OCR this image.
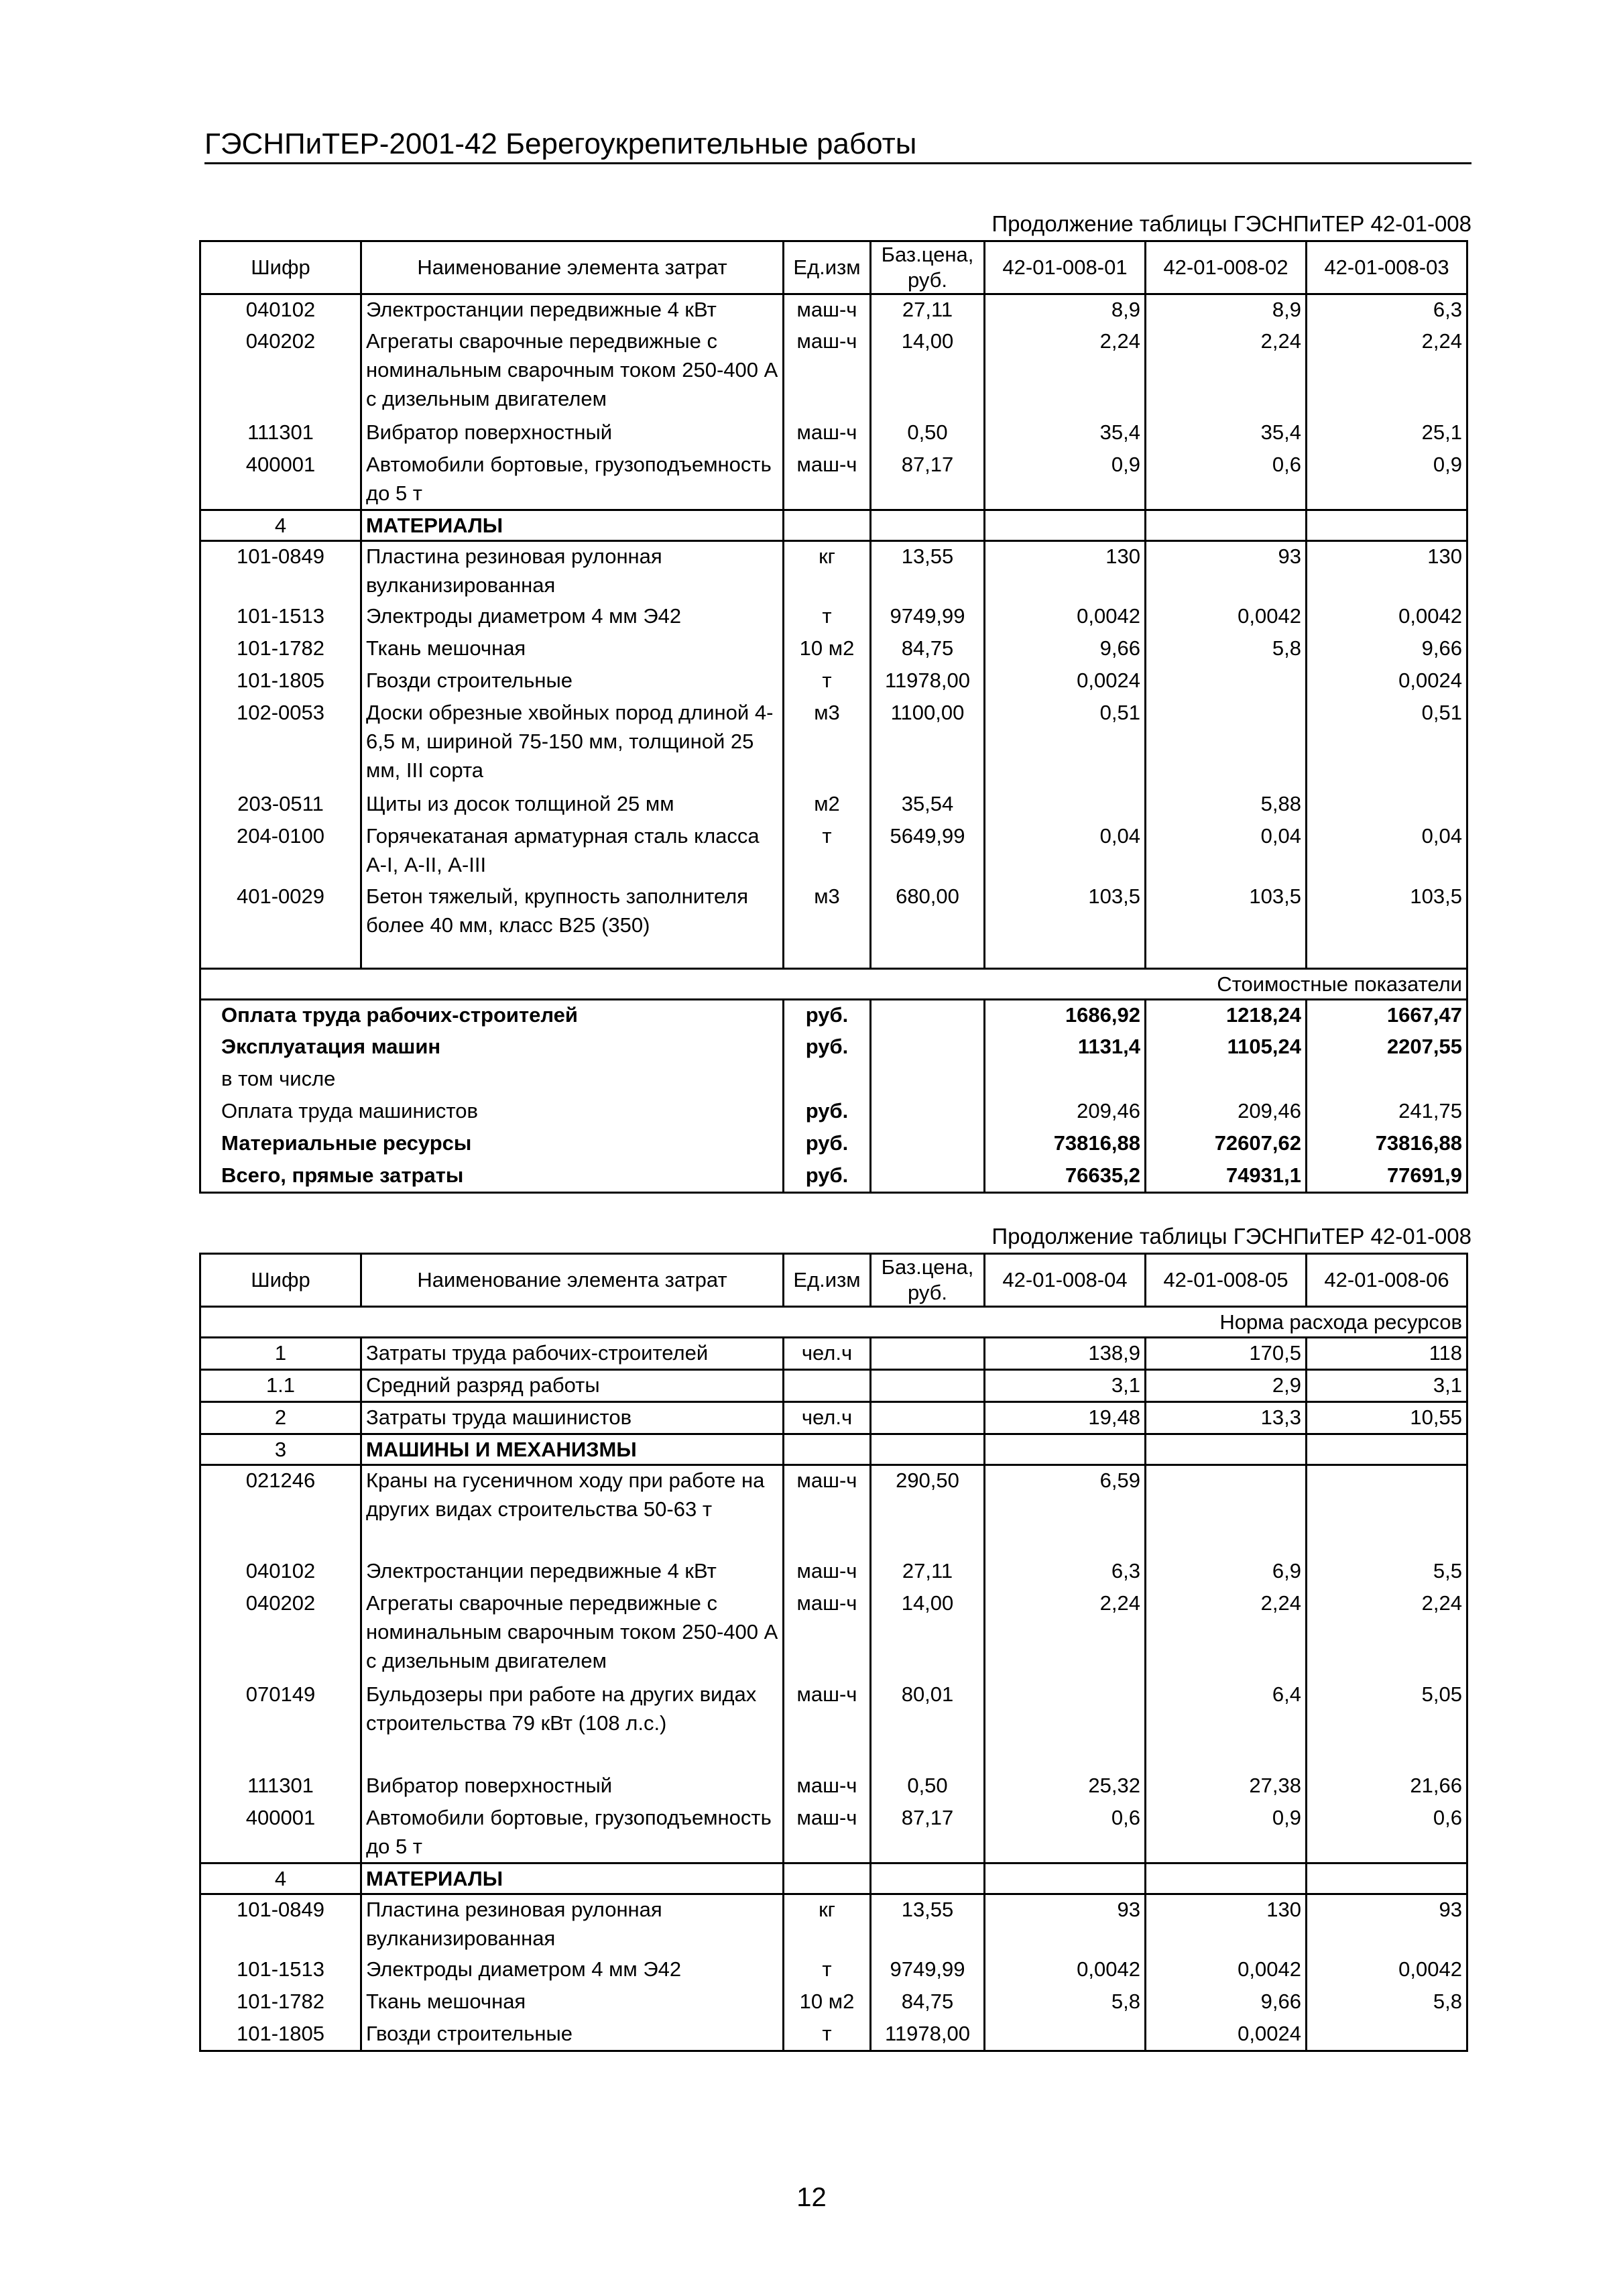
ГЭСНПиТЕР-2001-42 Берегоукрепительные работы
Продолжение таблицы ГЭСНПиТЕР 42-01-008
Шифр	Наименование элемента затрат	Ед.изм	Баз.цена, руб.	42-01-008-01	42-01-008-02	42-01-008-03
040102	Электростанции передвижные 4 кВт	маш-ч	27,11	8,9	8,9	6,3
040202	Агрегаты сварочные передвижные с номинальным сварочным током 250-400 А с дизельным двигателем	маш-ч	14,00	2,24	2,24	2,24
111301	Вибратор поверхностный	маш-ч	0,50	35,4	35,4	25,1
400001	Автомобили бортовые, грузоподъемность до 5 т	маш-ч	87,17	0,9	0,6	0,9
4	МАТЕРИАЛЫ					
101-0849	Пластина резиновая рулонная вулканизированная	кг	13,55	130	93	130
101-1513	Электроды диаметром 4 мм Э42	т	9749,99	0,0042	0,0042	0,0042
101-1782	Ткань мешочная	10 м2	84,75	9,66	5,8	9,66
101-1805	Гвозди строительные	т	11978,00	0,0024		0,0024
102-0053	Доски обрезные хвойных пород длиной 4-6,5 м, шириной 75-150 мм, толщиной 25 мм, III сорта	м3	1100,00	0,51		0,51
203-0511	Щиты из досок толщиной 25 мм	м2	35,54		5,88	
204-0100	Горячекатаная арматурная сталь класса А-I, А-II, А-III	т	5649,99	0,04	0,04	0,04
401-0029	Бетон тяжелый, крупность заполнителя более 40 мм, класс В25 (350)	м3	680,00	103,5	103,5	103,5

	Стоимостные показатели					
Оплата труда рабочих-строителей		руб.		1686,92	1218,24	1667,47
Эксплуатация машин		руб.		1131,4	1105,24	2207,55
в том числе						
Оплата труда машинистов		руб.		209,46	209,46	241,75
Материальные ресурсы		руб.		73816,88	72607,62	73816,88
Всего, прямые затраты		руб.		76635,2	74931,1	77691,9
Продолжение таблицы ГЭСНПиТЕР 42-01-008
Шифр	Наименование элемента затрат	Ед.изм	Баз.цена, руб.	42-01-008-04	42-01-008-05	42-01-008-06
	Норма расхода ресурсов					
1	Затраты труда рабочих-строителей	чел.ч		138,9	170,5	118
1.1	Средний разряд работы			3,1	2,9	3,1
2	Затраты труда машинистов	чел.ч		19,48	13,3	10,55
3	МАШИНЫ И МЕХАНИЗМЫ					
021246	Краны на гусеничном ходу при работе на других видах строительства 50-63 т	маш-ч	290,50	6,59		
040102	Электростанции передвижные 4 кВт	маш-ч	27,11	6,3	6,9	5,5
040202	Агрегаты сварочные передвижные с номинальным сварочным током 250-400 А с дизельным двигателем	маш-ч	14,00	2,24	2,24	2,24
070149	Бульдозеры при работе на других видах строительства 79 кВт (108 л.с.)	маш-ч	80,01		6,4	5,05
111301	Вибратор поверхностный	маш-ч	0,50	25,32	27,38	21,66
400001	Автомобили бортовые, грузоподъемность до 5 т	маш-ч	87,17	0,6	0,9	0,6
4	МАТЕРИАЛЫ					
101-0849	Пластина резиновая рулонная вулканизированная	кг	13,55	93	130	93
101-1513	Электроды диаметром 4 мм Э42	т	9749,99	0,0042	0,0042	0,0042
101-1782	Ткань мешочная	10 м2	84,75	5,8	9,66	5,8
101-1805	Гвозди строительные	т	11978,00		0,0024	
12
